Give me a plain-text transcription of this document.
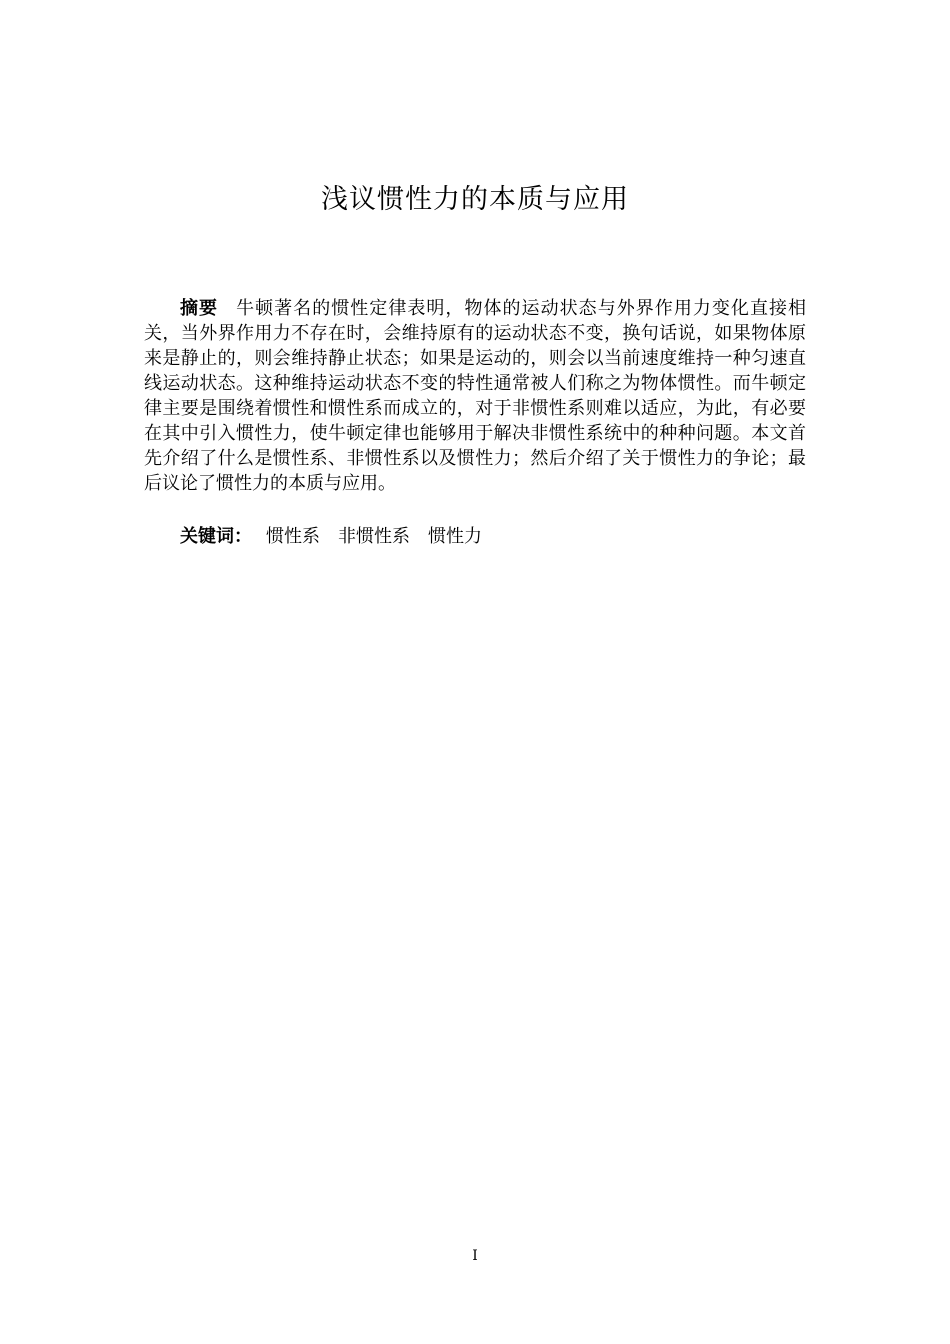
浅议惯性力的本质与应用

摘要 牛顿著名的惯性定律表明，物体的运动状态与外界作用力变化直接相关，当外界作用力不存在时，会维持原有的运动状态不变，换句话说，如果物体原来是静止的，则会维持静止状态；如果是运动的，则会以当前速度维持一种匀速直线运动状态。这种维持运动状态不变的特性通常被人们称之为物体惯性。而牛顿定律主要是围绕着惯性和惯性系而成立的，对于非惯性系则难以适应，为此，有必要在其中引入惯性力，使牛顿定律也能够用于解决非惯性系统中的种种问题。本文首先介绍了什么是惯性系、非惯性系以及惯性力；然后介绍了关于惯性力的争论；最后议论了惯性力的本质与应用。

关键词： 惯性系 非惯性系 惯性力

I
